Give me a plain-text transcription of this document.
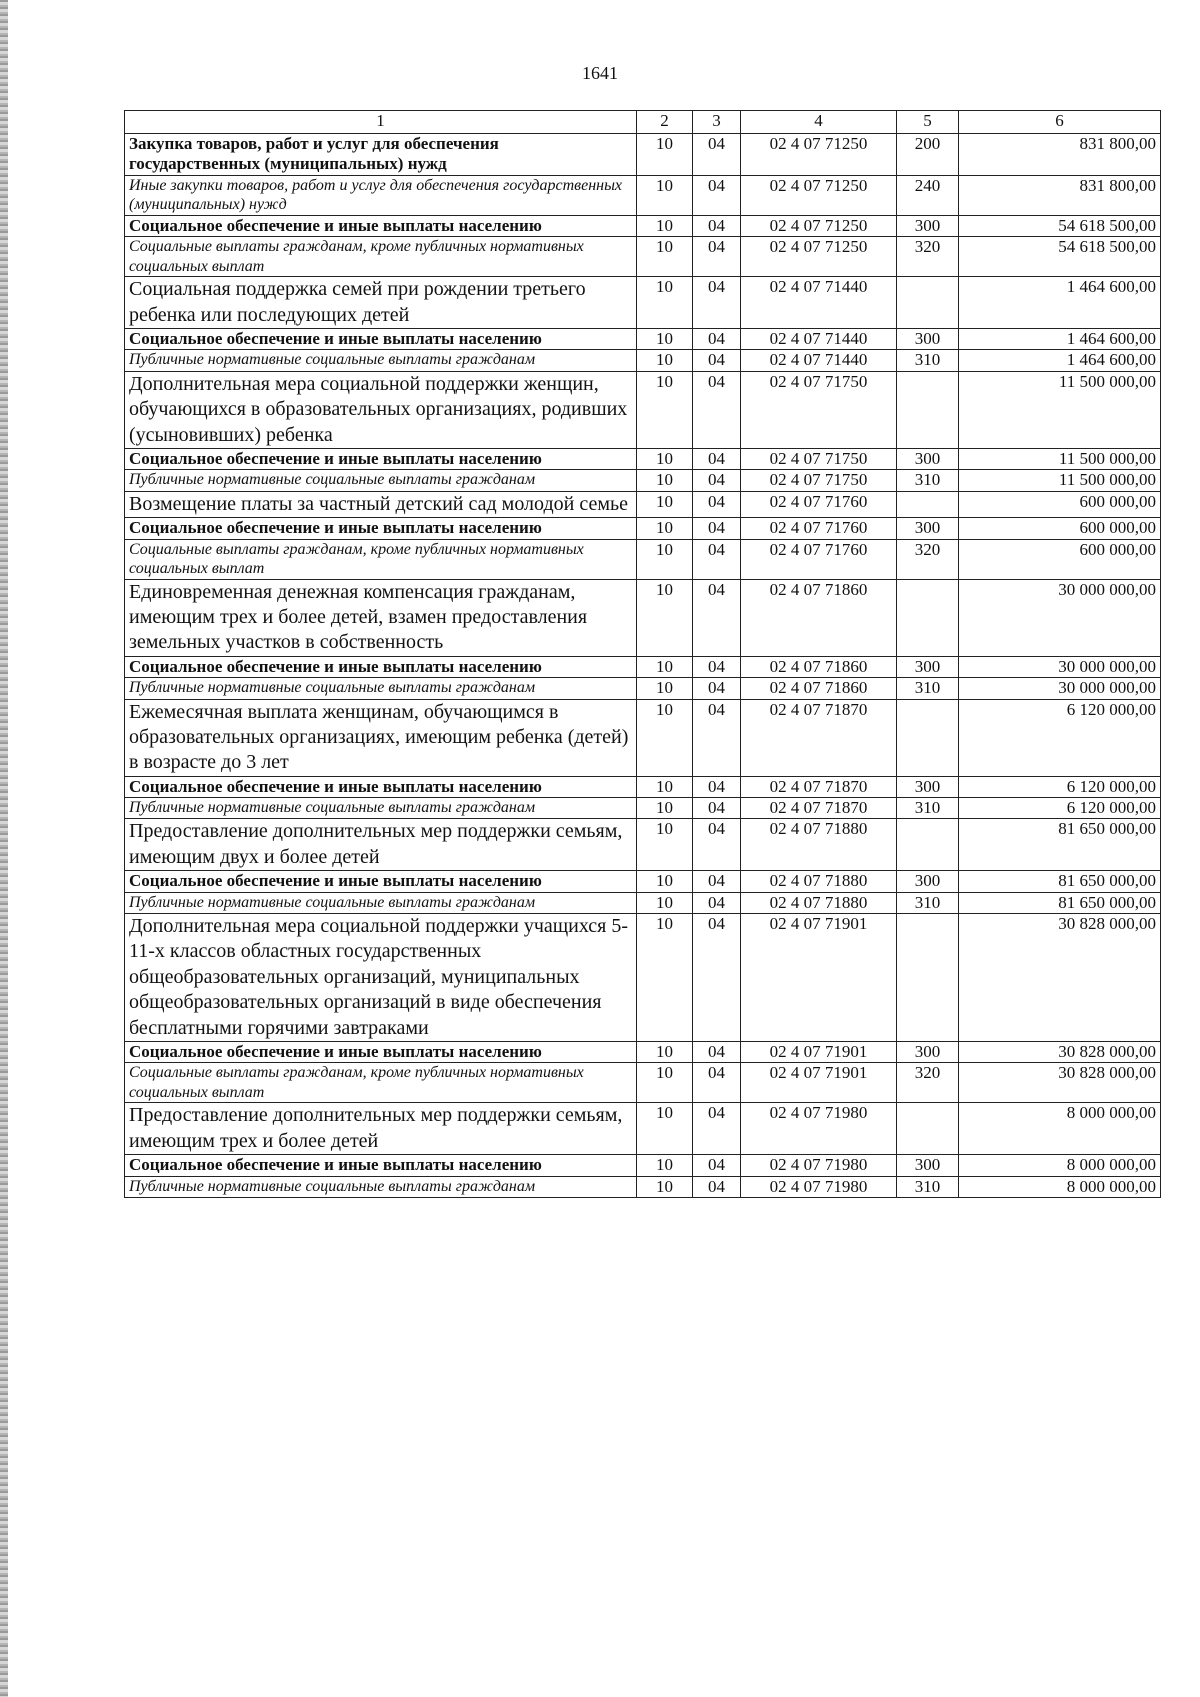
1641
1	2	3	4	5	6
Закупка товаров, работ и услуг для обеспечения государственных (муниципальных) нужд	10	04	02 4 07 71250	200	831 800,00
Иные закупки товаров, работ и услуг для обеспечения государственных (муниципальных) нужд	10	04	02 4 07 71250	240	831 800,00
Социальное обеспечение и иные выплаты населению	10	04	02 4 07 71250	300	54 618 500,00
Социальные выплаты гражданам, кроме публичных нормативных социальных выплат	10	04	02 4 07 71250	320	54 618 500,00
Социальная поддержка семей при рождении третьего ребенка или последующих детей	10	04	02 4 07 71440		1 464 600,00
Социальное обеспечение и иные выплаты населению	10	04	02 4 07 71440	300	1 464 600,00
Публичные нормативные социальные выплаты гражданам	10	04	02 4 07 71440	310	1 464 600,00
Дополнительная мера социальной поддержки женщин, обучающихся в образовательных организациях, родивших (усыновивших) ребенка	10	04	02 4 07 71750		11 500 000,00
Социальное обеспечение и иные выплаты населению	10	04	02 4 07 71750	300	11 500 000,00
Публичные нормативные социальные выплаты гражданам	10	04	02 4 07 71750	310	11 500 000,00
Возмещение платы за частный детский сад молодой семье	10	04	02 4 07 71760		600 000,00
Социальное обеспечение и иные выплаты населению	10	04	02 4 07 71760	300	600 000,00
Социальные выплаты гражданам, кроме публичных нормативных социальных выплат	10	04	02 4 07 71760	320	600 000,00
Единовременная денежная компенсация гражданам, имеющим трех и более детей, взамен предоставления земельных участков в собственность	10	04	02 4 07 71860		30 000 000,00
Социальное обеспечение и иные выплаты населению	10	04	02 4 07 71860	300	30 000 000,00
Публичные нормативные социальные выплаты гражданам	10	04	02 4 07 71860	310	30 000 000,00
Ежемесячная выплата женщинам, обучающимся в образовательных организациях, имеющим ребенка (детей) в возрасте до 3 лет	10	04	02 4 07 71870		6 120 000,00
Социальное обеспечение и иные выплаты населению	10	04	02 4 07 71870	300	6 120 000,00
Публичные нормативные социальные выплаты гражданам	10	04	02 4 07 71870	310	6 120 000,00
Предоставление дополнительных мер поддержки семьям, имеющим двух и более детей	10	04	02 4 07 71880		81 650 000,00
Социальное обеспечение и иные выплаты населению	10	04	02 4 07 71880	300	81 650 000,00
Публичные нормативные социальные выплаты гражданам	10	04	02 4 07 71880	310	81 650 000,00
Дополнительная мера социальной поддержки учащихся 5-11-х классов областных государственных общеобразовательных организаций, муниципальных общеобразовательных организаций в виде обеспечения бесплатными горячими завтраками	10	04	02 4 07 71901		30 828 000,00
Социальное обеспечение и иные выплаты населению	10	04	02 4 07 71901	300	30 828 000,00
Социальные выплаты гражданам, кроме публичных нормативных социальных выплат	10	04	02 4 07 71901	320	30 828 000,00
Предоставление дополнительных мер поддержки семьям, имеющим трех и более детей	10	04	02 4 07 71980		8 000 000,00
Социальное обеспечение и иные выплаты населению	10	04	02 4 07 71980	300	8 000 000,00
Публичные нормативные социальные выплаты гражданам	10	04	02 4 07 71980	310	8 000 000,00
